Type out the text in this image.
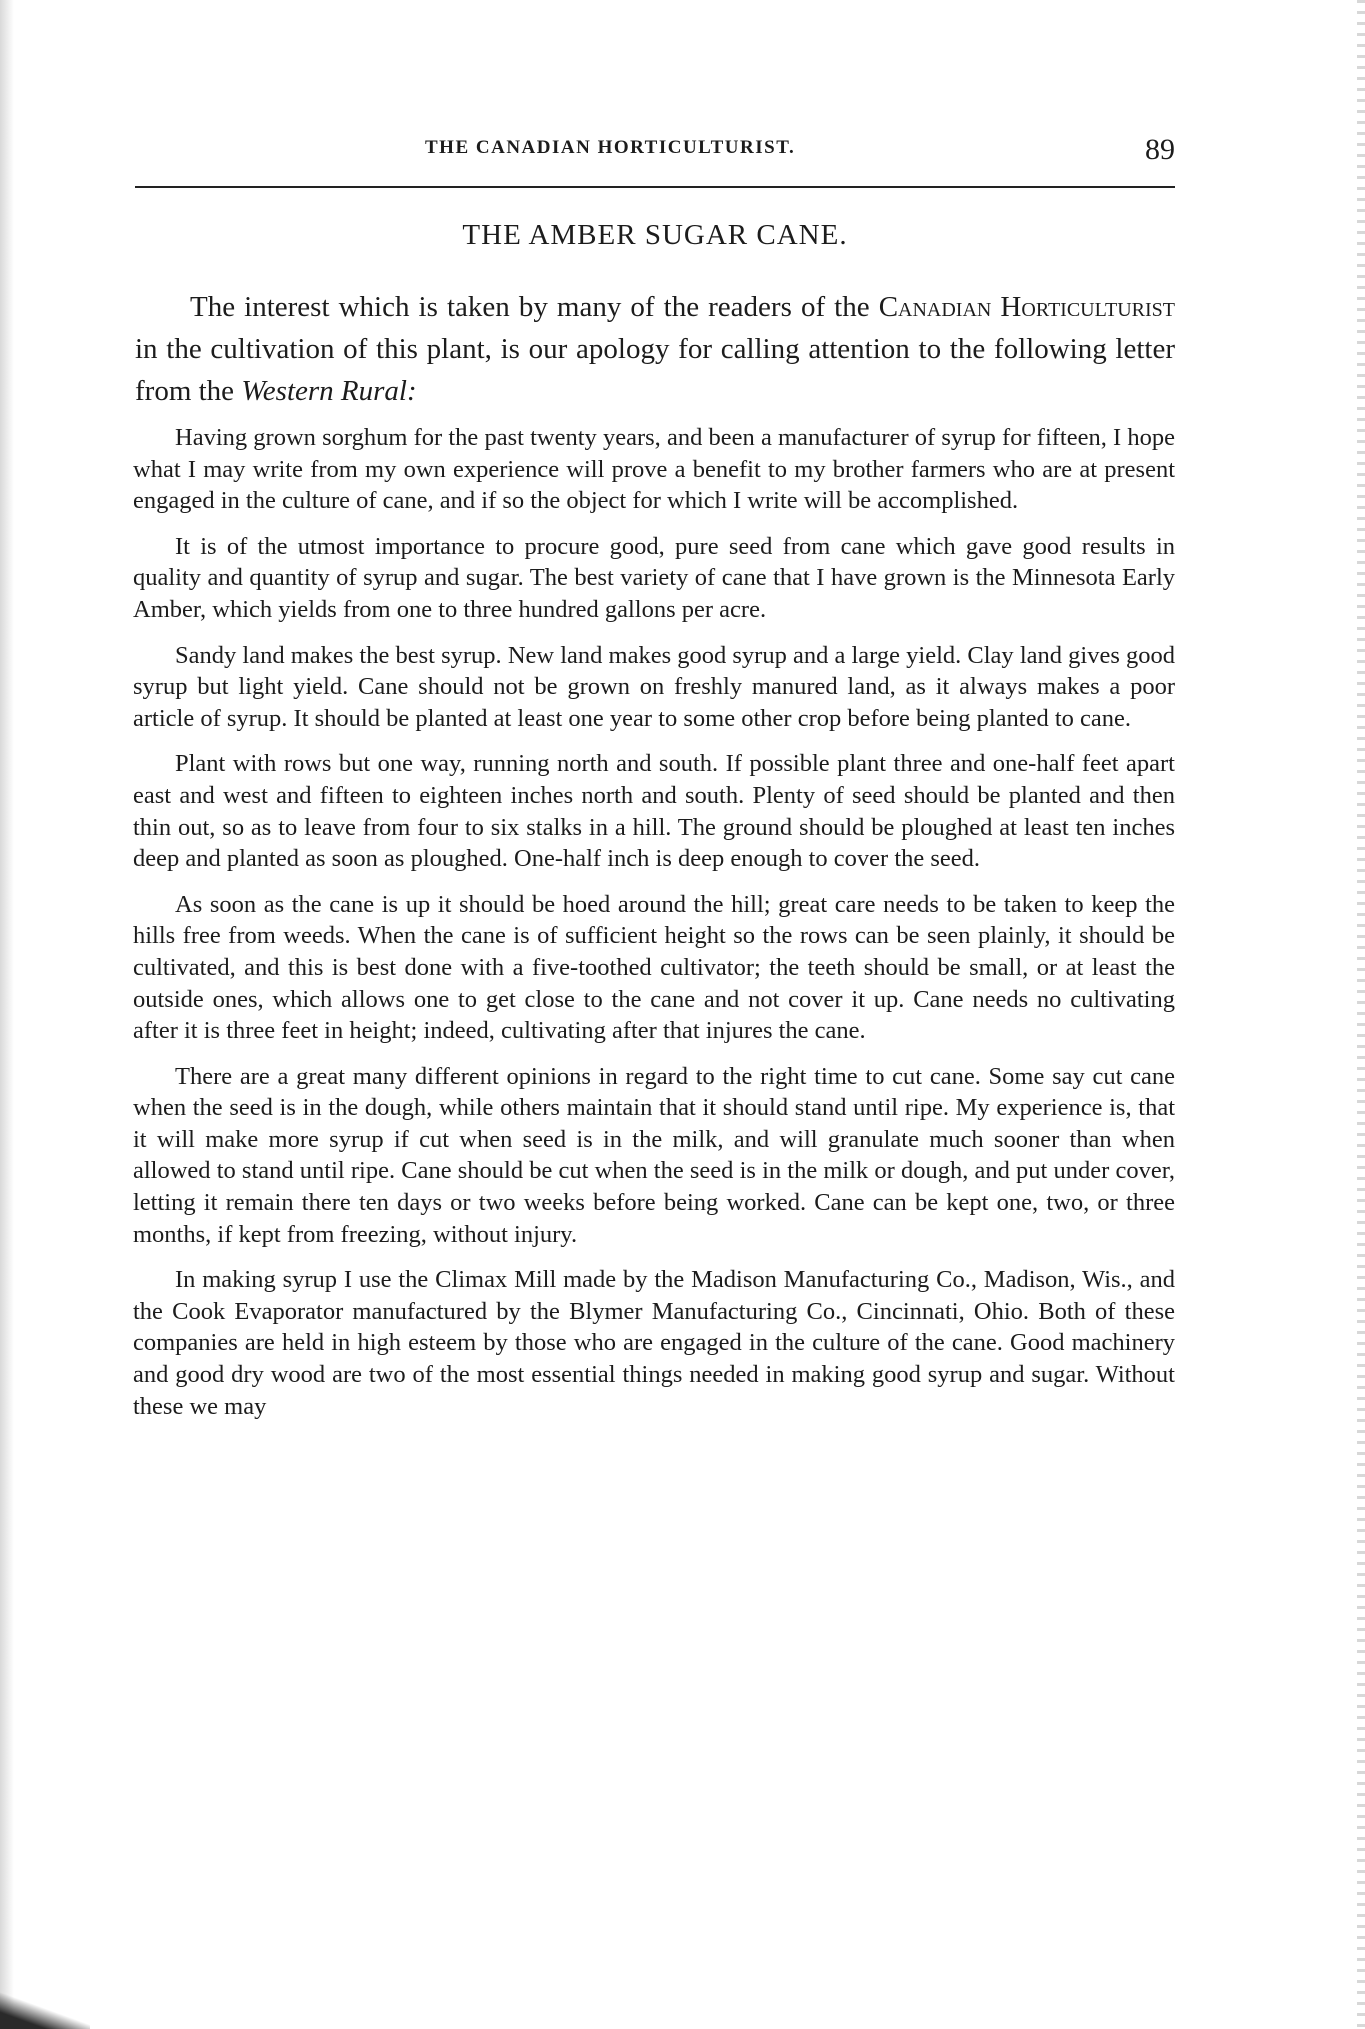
THE CANADIAN HORTICULTURIST.	89
THE AMBER SUGAR CANE.

The interest which is taken by many of the readers of the Canadian Horticulturist in the cultivation of this plant, is our apology for calling attention to the following letter from the Western Rural:

Having grown sorghum for the past twenty years, and been a manufacturer of syrup for fifteen, I hope what I may write from my own experience will prove a benefit to my brother farmers who are at present engaged in the culture of cane, and if so the object for which I write will be accomplished.

It is of the utmost importance to procure good, pure seed from cane which gave good results in quality and quantity of syrup and sugar. The best variety of cane that I have grown is the Minnesota Early Amber, which yields from one to three hundred gallons per acre.

Sandy land makes the best syrup. New land makes good syrup and a large yield. Clay land gives good syrup but light yield. Cane should not be grown on freshly manured land, as it always makes a poor article of syrup. It should be planted at least one year to some other crop before being planted to cane.

Plant with rows but one way, running north and south. If possible plant three and one-half feet apart east and west and fifteen to eighteen inches north and south. Plenty of seed should be planted and then thin out, so as to leave from four to six stalks in a hill. The ground should be ploughed at least ten inches deep and planted as soon as ploughed. One-half inch is deep enough to cover the seed.

As soon as the cane is up it should be hoed around the hill; great care needs to be taken to keep the hills free from weeds. When the cane is of sufficient height so the rows can be seen plainly, it should be cultivated, and this is best done with a five-toothed cultivator; the teeth should be small, or at least the outside ones, which allows one to get close to the cane and not cover it up. Cane needs no cultivating after it is three feet in height; indeed, cultivating after that injures the cane.

There are a great many different opinions in regard to the right time to cut cane. Some say cut cane when the seed is in the dough, while others maintain that it should stand until ripe. My experience is, that it will make more syrup if cut when seed is in the milk, and will granulate much sooner than when allowed to stand until ripe. Cane should be cut when the seed is in the milk or dough, and put under cover, letting it remain there ten days or two weeks before being worked. Cane can be kept one, two, or three months, if kept from freezing, without injury.

In making syrup I use the Climax Mill made by the Madison Manufacturing Co., Madison, Wis., and the Cook Evaporator manufactured by the Blymer Manufacturing Co., Cincinnati, Ohio. Both of these companies are held in high esteem by those who are engaged in the culture of the cane. Good machinery and good dry wood are two of the most essential things needed in making good syrup and sugar. Without these we may
